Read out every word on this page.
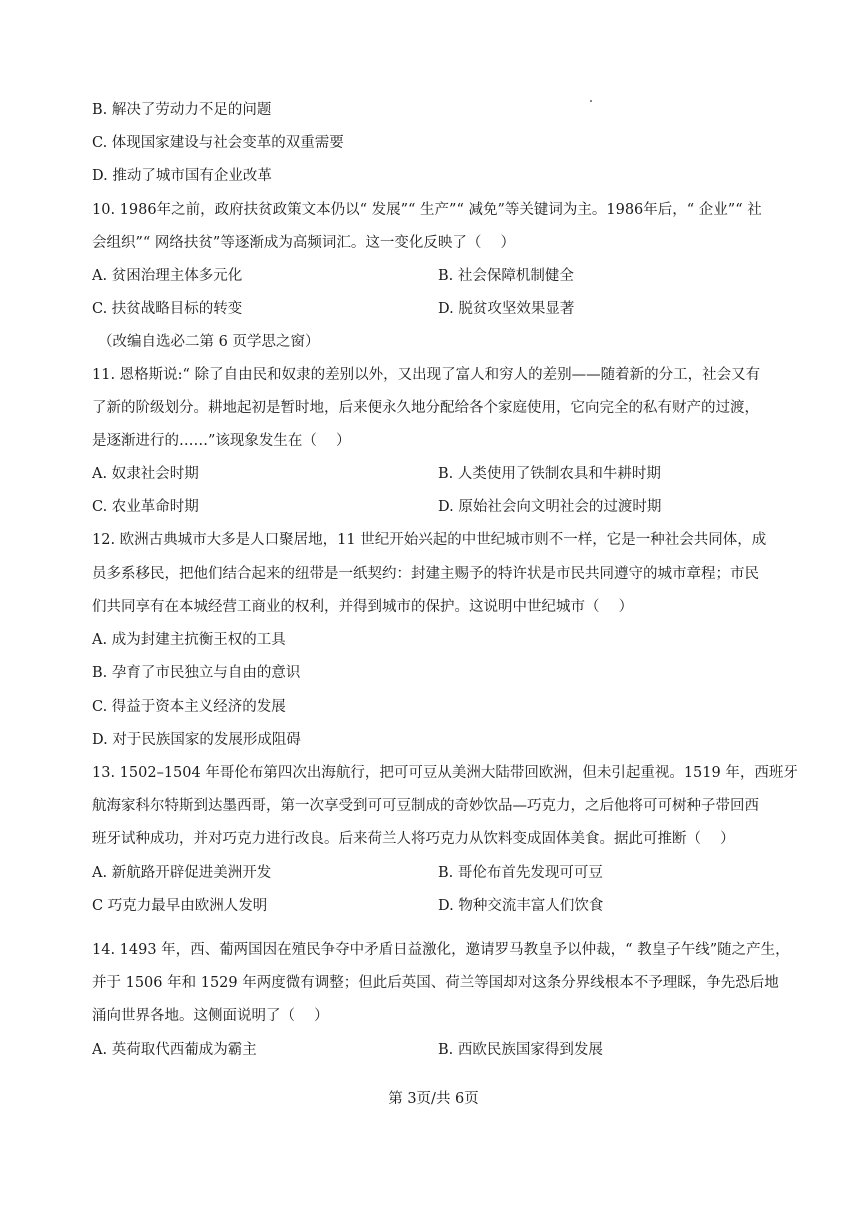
B. 解决了劳动力不足的问题
C. 体现国家建设与社会变革的双重需要
D. 推动了城市国有企业改革
10. 1986年之前，政府扶贫政策文本仍以“ 发展”“ 生产”“ 减免”等关键词为主。1986年后，“ 企业”“ 社
会组织”“ 网络扶贫”等逐渐成为高频词汇。这一变化反映了（　 ）
A. 贫困治理主体多元化	B. 社会保障机制健全
C. 扶贫战略目标的转变	D. 脱贫攻坚效果显著
（改编自选必二第 6 页学思之窗）
11. 恩格斯说:“ 除了自由民和奴隶的差别以外，又出现了富人和穷人的差别——随着新的分工，社会又有
了新的阶级划分。耕地起初是暂时地，后来便永久地分配给各个家庭使用，它向完全的私有财产的过渡，
是逐渐进行的……”该现象发生在（　 ）
A. 奴隶社会时期	B. 人类使用了铁制农具和牛耕时期
C. 农业革命时期	D. 原始社会向文明社会的过渡时期
12. 欧洲古典城市大多是人口聚居地，11 世纪开始兴起的中世纪城市则不一样，它是一种社会共同体，成
员多系移民，把他们结合起来的纽带是一纸契约：封建主赐予的特许状是市民共同遵守的城市章程；市民
们共同享有在本城经营工商业的权利，并得到城市的保护。这说明中世纪城市（　 ）
A. 成为封建主抗衡王权的工具
B. 孕育了市民独立与自由的意识
C. 得益于资本主义经济的发展
D. 对于民族国家的发展形成阻碍
13. 1502–1504 年哥伦布第四次出海航行，把可可豆从美洲大陆带回欧洲，但未引起重视。1519 年，西班牙
航海家科尔特斯到达墨西哥，第一次享受到可可豆制成的奇妙饮品—巧克力，之后他将可可树种子带回西
班牙试种成功，并对巧克力进行改良。后来荷兰人将巧克力从饮料变成固体美食。据此可推断（　 ）
A. 新航路开辟促进美洲开发	B. 哥伦布首先发现可可豆
C 巧克力最早由欧洲人发明	D. 物种交流丰富人们饮食
14. 1493 年，西、葡两国因在殖民争夺中矛盾日益激化，邀请罗马教皇予以仲裁，“ 教皇子午线”随之产生，
并于 1506 年和 1529 年两度微有调整；但此后英国、荷兰等国却对这条分界线根本不予理睬，争先恐后地
涌向世界各地。这侧面说明了（　 ）
A. 英荷取代西葡成为霸主	B. 西欧民族国家得到发展
第 3页/共 6页
